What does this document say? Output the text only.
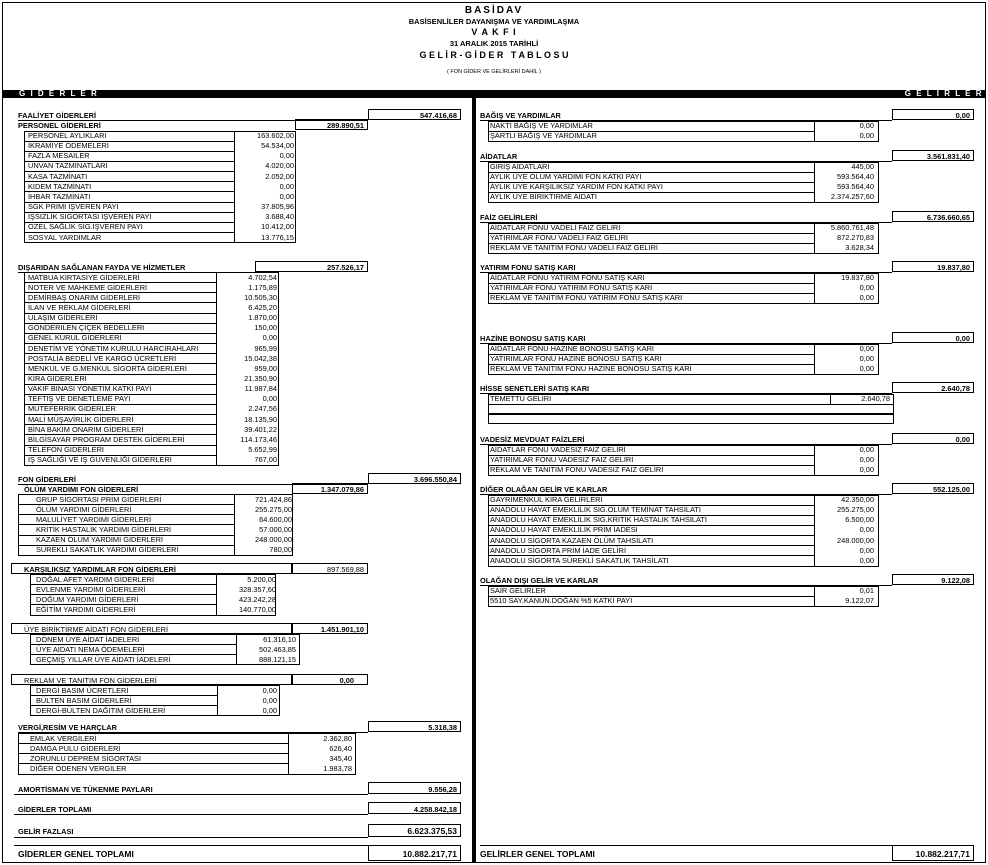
BASİDAV
BASİSENLİLER DAYANIŞMA VE YARDIMLAŞMA
V A K F I
31 ARALIK 2015 TARİHLİ
G E L İ R - G İ D E R   T A B L O S U
( FON GİDER VE GELİRLERİ DAHİL )
G İ D E R L E R	G E L İ R L E R
FAALİYET GİDERLERİ	547.416,68
PERSONEL GİDERLERİ	289.890,51
PERSONEL AYLIKLARI	163.602,00
İKRAMİYE ÖDEMELERİ	54.534,00
FAZLA MESAİLER	0,00
UNVAN TAZMİNATLARI	4.020,00
KASA TAZMİNATI	2.052,00
KIDEM TAZMİNATI	0,00
İHBAR TAZMİNATI	0,00
SGK PRİMİ İŞVEREN PAYI	37.805,96
İŞSİZLİK SİGORTASI İŞVEREN PAYI	3.688,40
ÖZEL SAĞLIK SİG.İŞVEREN PAYI	10.412,00
SOSYAL YARDIMLAR	13.776,15
DIŞARIDAN SAĞLANAN FAYDA VE HİZMETLER	257.526,17
MATBUA KIRTASİYE GİDERLERİ	4.702,54
NOTER VE MAHKEME GİDERLERİ	1.175,89
DEMİRBAŞ ONARIM GİDERLERİ	10.505,30
İLAN VE REKLAM GİDERLERİ	6.425,20
ULAŞIM GİDERLERİ	1.870,00
GÖNDERİLEN ÇİÇEK BEDELLERİ	150,00
GENEL KURUL GİDERLERİ	0,00
DENETİM VE YÖNETİM KURULU HARCIRAHLARI	965,99
POSTALİA BEDELİ VE KARGO ÜCRETLERİ	15.042,38
MENKUL VE G.MENKUL SİGORTA GİDERLERİ	959,00
KİRA GİDERLERİ	21.350,90
VAKIF BİNASI YÖNETİM KATKI PAYI	11.987,84
TEFTİŞ VE DENETLEME PAYI	0,00
MÜTEFERRİK GİDERLER	2.247,56
MALİ MÜŞAVİRLİK GİDERLERİ	18.135,90
BİNA BAKIM ONARIM GİDERLERİ	39.401,22
BİLGİSAYAR PROGRAM DESTEK GİDERLERİ	114.173,46
TELEFON GİDERLERİ	5.652,99
İŞ SAĞLIĞI VE İŞ GÜVENLİĞİ GİDERLERİ	767,00
FON GİDERLERİ	3.696.550,84
ÖLÜM YARDIMI FON GİDERLERİ	1.347.079,86
GRUP SİGORTASI PRİM GİDERLERİ	721.424,86
ÖLÜM YARDIMI GİDERLERİ	255.275,00
MALULİYET YARDIMI GİDERLERİ	64.600,00
KRİTİK HASTALIK YARDIMI GİDERLERİ	57.000,00
KAZAEN ÖLÜM YARDIMI GİDERLERİ	248.000,00
SÜREKLİ SAKATLIK YARDIMI GİDERLERİ	780,00
KARŞILIKSIZ YARDIMLAR FON GİDERLERİ	897.569,88
DOĞAL AFET YARDIM GİDERLERİ	5.200,00
EVLENME YARDIMI GİDERLERİ	328.357,60
DOĞUM YARDIMI GİDERLERİ	423.242,28
EĞİTİM YARDIMI GİDERLERİ	140.770,00
ÜYE BİRİKTİRME AİDATI FON GİDERLERİ	1.451.901,10
DÖNEM ÜYE AİDAT İADELERİ	61.316,10
ÜYE AİDATI NEMA ÖDEMELERİ	502.463,85
GEÇMİŞ YILLAR ÜYE AİDATI İADELERİ	888.121,15
REKLAM VE TANITIM FON GİDERLERİ	0,00
DERGİ BASIM ÜCRETLERİ	0,00
BÜLTEN BASIM GİDERLERİ	0,00
DERGİ-BÜLTEN DAĞITIM GİDERLERİ	0,00
VERGİ,RESİM VE HARÇLAR	5.318,38
EMLAK VERGİLERİ	2.362,80
DAMGA PULU GİDERLERİ	626,40
ZORUNLU DEPREM SİGORTASI	345,40
DİĞER ÖDENEN VERGİLER	1.983,78
AMORTİSMAN VE TÜKENME PAYLARI	9.556,28
GİDERLER TOPLAMI	4.258.842,18
GELİR FAZLASI	6.623.375,53
GİDERLER GENEL TOPLAMI	10.882.217,71
BAĞIŞ VE YARDIMLAR	0,00
NAKTİ BAĞIŞ VE YARDIMLAR	0,00
ŞARTLI BAĞIŞ VE YARDIMLAR	0,00
AİDATLAR	3.561.831,40
GİRİŞ AİDATLARI	445,00
AYLIK ÜYE ÖLÜM YARDIMI FON KATKI PAYI	593.564,40
AYLIK ÜYE KARŞILIKSIZ YARDIM FON KATKI PAYI	593.564,40
AYLIK ÜYE BİRİKTİRME AİDATI	2.374.257,60
FAİZ GELİRLERİ	6.736.660,65
AİDATLAR FONU VADELİ FAİZ GELİRİ	5.860.761,48
YATIRIMLAR FONU VADELİ FAİZ GELİRİ	872.270,83
REKLAM VE TANITIM FONU VADELİ FAİZ GELİRİ	3.628,34
YATIRIM FONU SATIŞ KARI	19.837,80
AİDATLAR FONU YATIRIM FONU SATIŞ KARI	19.837,80
YATIRIMLAR FONU YATIRIM FONU SATIŞ KARI	0,00
REKLAM VE TANITIM FONU YATIRIM FONU SATIŞ KARI	0,00
HAZİNE BONOSU SATIŞ KARI	0,00
AİDATLAR FONU HAZİNE BONOSU SATIŞ KARI	0,00
YATIRIMLAR FONU HAZİNE BONOSU SATIŞ KARI	0,00
REKLAM VE TANITIM FONU HAZİNE BONOSU SATIŞ KARI	0,00
HİSSE SENETLERİ SATIŞ KARI	2.640,78
TEMETTÜ GELİRİ	2.640,78
VADESİZ MEVDUAT FAİZLERİ	0,00
AİDATLAR FONU VADESİZ FAİZ GELİRİ	0,00
YATIRIMLAR FONU VADESİZ FAİZ GELİRİ	0,00
REKLAM VE TANITIM FONU VADESİZ FAİZ GELİRİ	0,00
DİĞER OLAĞAN GELİR VE KARLAR	552.125,00
GAYRİMENKUL KİRA GELİRLERİ	42.350,00
ANADOLU HAYAT EMEKLİLİK SİG.ÖLÜM TEMİNAT TAHSİLATI	255.275,00
ANADOLU HAYAT EMEKLİLİK SİG.KRİTİK HASTALIK TAHSİLATI	6.500,00
ANADOLU HAYAT EMEKLİLİK PRİM İADESİ	0,00
ANADOLU SİGORTA KAZAEN ÖLÜM TAHSİLATI	248.000,00
ANADOLU SİGORTA PRİM İADE GELİRİ	0,00
ANADOLU SİGORTA SÜREKLİ SAKATLIK TAHSİLATI	0,00
OLAĞAN DIŞI GELİR VE KARLAR	9.122,08
SAİR GELİRLER	0,01
5510 SAY.KANUN.DOĞAN %5 KATKI PAYI	9.122,07
GELİRLER GENEL TOPLAMI	10.882.217,71
